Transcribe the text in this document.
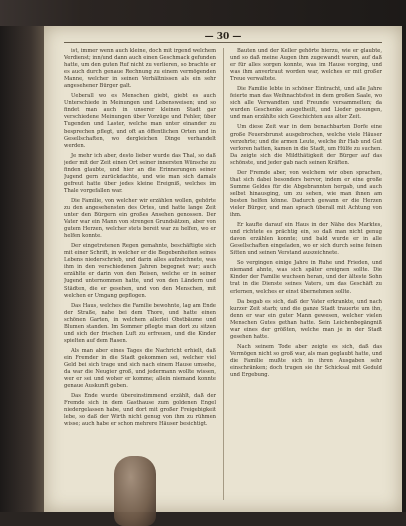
— 30 —

ist, immer wenn auch kleine, doch mit irgend welchem Verdienst; inn/und dann auch einen Geschmack gefunden hatte, um den guten Ruf nicht zu verlieren, so brachte er es auch durch genaue Rechnung zu einem vermögenden Manne, welcher in seinen Verhältnissen als ein sehr angesehener Bürger galt.

Ueberall wo es Menschen giebt, giebt es auch Unterschiede in Meinungen und Lebensweisen; und so findet man auch in unserer kleinen Stadt gar verschiedene Meinungen über Vorzüge und Fehler, über Tugenden und Laster, welche man unter einander zu besprechen pflegt, und oft an öffentlichen Orten und in Gesellschaften, wo dergleichen Dinge verhandelt werden.

Je mehr ich aber, desto lieber wurde das Thal, so daß jeder mit der Zeit einen Ort seiner innersten Wünsche zu finden glaubte, und hier an die Erinnerungen seiner Jugend gern zurückdachte, und wie man sich damals gefreut hatte über jedes kleine Ereigniß, welches im Thale vorgefallen war.

Die Familie, von welcher wir erzählen wollen, gehörte zu den angesehensten des Ortes, und hatte lange Zeit unter den Bürgern ein großes Ansehen genossen. Der Vater war ein Mann von strengen Grundsätzen, aber von gutem Herzen, welcher stets bereit war zu helfen, wo er helfen konnte.

Der eingetretenen Regen gemahnte, beschäftigte sich mit einer Schrift, in welcher er die Begebenheiten seines Lebens niederschrieb, und darin alles aufzeichnete, was ihm in den verschiedenen Jahren begegnet war; auch erzählte er darin von den Reisen, welche er in seiner Jugend unternommen hatte, und von den Ländern und Städten, die er gesehen, und von den Menschen, mit welchen er Umgang gepflogen.

Das Haus, welches die Familie bewohnte, lag am Ende der Straße, nahe bei dem Thore, und hatte einen schönen Garten, in welchem allerlei Obstbäume und Blumen standen. Im Sommer pflegte man dort zu sitzen und sich der frischen Luft zu erfreuen, und die Kinder spielten auf dem Rasen.

Als man aber eines Tages die Nachricht erhielt, daß ein Fremder in die Stadt gekommen sei, welcher viel Geld bei sich trage und sich nach einem Hause umsehe, da war die Neugier groß, und jedermann wollte wissen, wer er sei und woher er komme; allein niemand konnte genaue Auskunft geben.

Das Ende wurde übereinstimmend erzählt, daß der Fremde sich in dem Gasthause zum goldenen Engel niedergelassen habe, und dort mit großer Freigebigkeit lebe, so daß der Wirth nicht genug von ihm zu rühmen wisse; auch habe er schon mehrere Häuser besichtigt.

Bauten und der Keller gehörte hierzu, wie er glaubte, und so daß meine Augen ihm zugewandt waren, auf daß er für alles sorgen konnte, was im Hause vorging, und was ihm anvertraut worden war, welches er mit großer Treue verwaltete.

Die Familie lebte in schöner Eintracht, und alle Jahre feierte man das Weihnachtsfest in dem großen Saale, wo sich alle Verwandten und Freunde versammelten; da wurden Geschenke ausgetheilt, und Lieder gesungen, und man erzählte sich Geschichten aus alter Zeit.

Um diese Zeit war in dem benachbarten Dorfe eine große Feuersbrunst ausgebrochen, welche viele Häuser verzehrte; und die armen Leute, welche ihr Hab und Gut verloren hatten, kamen in die Stadt, um Hülfe zu suchen. Da zeigte sich die Mildthätigkeit der Bürger auf das schönste, und jeder gab nach seinen Kräften.

Der Fremde aber, von welchem wir oben sprachen, that sich dabei besonders hervor, indem er eine große Summe Geldes für die Abgebrannten hergab, und auch selbst hinausging, um zu sehen, wie man ihnen am besten helfen könne. Dadurch gewann er die Herzen vieler Bürger, und man sprach überall mit Achtung von ihm.

Er kaufte darauf ein Haus in der Nähe des Marktes, und richtete es prächtig ein, so daß man nicht genug davon erzählen konnte; und bald wurde er in alle Gesellschaften eingeladen, wo er sich durch seine feinen Sitten und seinen Verstand auszeichnete.

So vergingen einige Jahre in Ruhe und Frieden, und niemand ahnte, was sich später ereignen sollte. Die Kinder der Familie wuchsen heran, und der älteste Sohn trat in die Dienste seines Vaters, um das Geschäft zu erlernen, welches er einst übernehmen sollte.

Da begab es sich, daß der Vater erkrankte, und nach kurzer Zeit starb; und die ganze Stadt trauerte um ihn, denn er war ein guter Mann gewesen, welcher vielen Menschen Gutes gethan hatte. Sein Leichenbegängniß war eines der größten, welche man je in der Stadt gesehen hatte.

Nach seinem Tode aber zeigte es sich, daß das Vermögen nicht so groß war, als man geglaubt hatte, und die Familie mußte sich in ihren Ausgaben sehr einschränken; doch trugen sie ihr Schicksal mit Geduld und Ergebung.
